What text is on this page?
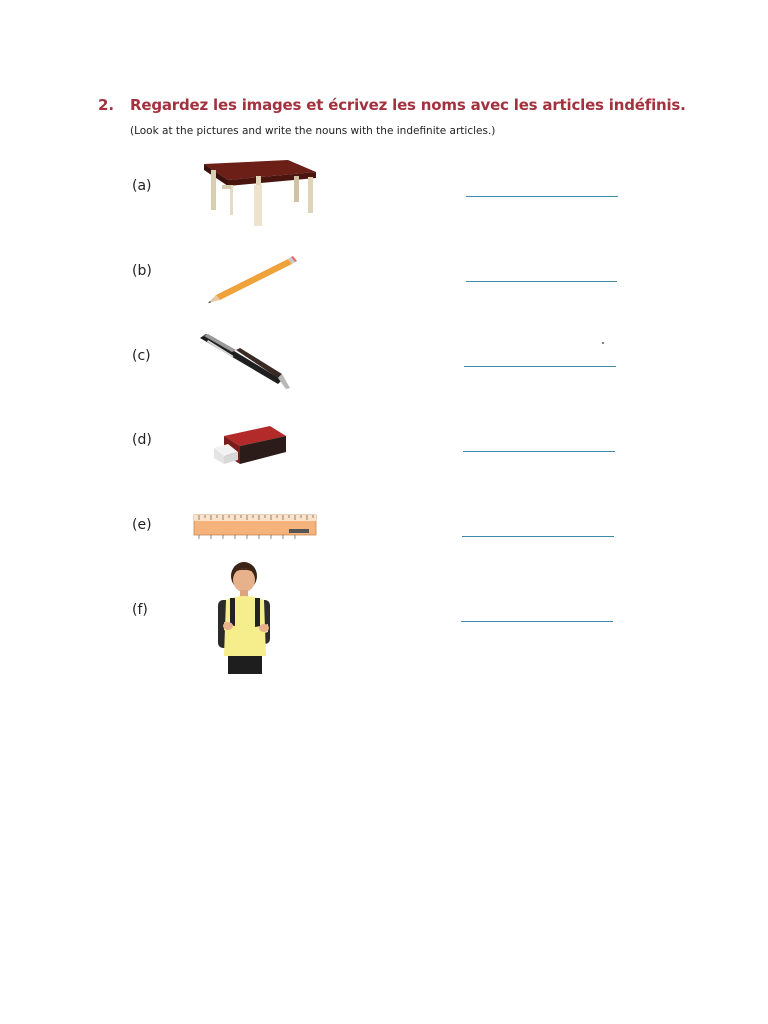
2.	Regardez les images et écrivez les noms avec les articles indéfinis.
(Look at the pictures and write the nouns with the indefinite articles.)
(a)
(b)
(c)
(d)
(e)
(f)
